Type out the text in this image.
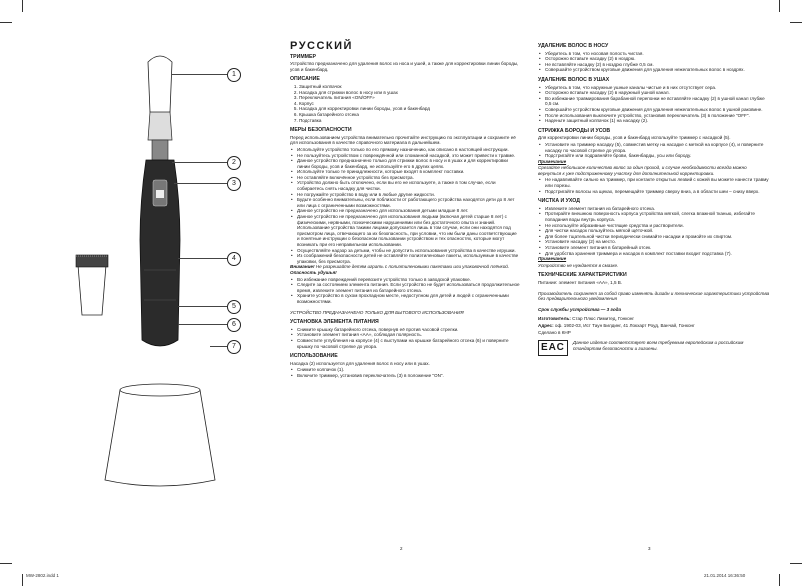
1
2
3
4
5
6
7
РУССКИЙ
ТРИММЕР

Устройство предназначено для удаления волос из носа и ушей, а также для корректировки линии бороды, усов и бакенбард.

ОПИСАНИЕ
1. Защитный колпачок
2. Насадка для стрижки волос в носу или в ушах
3. Переключатель питания «ON/OFF»
4. Корпус
5. Насадка для корректировки линии бороды, усов и бакенбард
6. Крышка батарейного отсека
7. Подставка
МЕРЫ БЕЗОПАСНОСТИ

Перед использованием устройства внимательно прочитайте инструкцию по эксплуатации и сохраните её для использования в качестве справочного материала в дальнейшем.

• Используйте устройство только по его прямому назначению, как описано в настоящей инструкции.
• Не пользуйтесь устройством с повреждённой или сломанной насадкой, это может привести к травме.
• Данное устройство предназначено только для стрижки волос в носу и в ушах и для корректировки линии бороды, усов и бакенбард, не используйте его в других целях.
• Используйте только те принадлежности, которые входят в комплект поставки.
• Не оставляйте включённое устройство без присмотра.
• Устройство должно быть отключено, если вы его не используете, а также в том случае, если собираетесь снять насадку для чистки.
• Не погружайте устройство в воду или в любые другие жидкости.
• Будьте особенно внимательны, если поблизости от работающего устройства находятся дети до 8 лет или лица с ограниченными возможностями.
• Данное устройство не предназначено для использования детьми младше 8 лет.
• Данное устройство не предназначено для использования людьми (включая детей старше 8 лет) с физическими, нервными, психическими нарушениями или без достаточного опыта и знаний. Использование устройства такими лицами допускается лишь в том случае, если они находятся под присмотром лица, отвечающего за их безопасность, при условии, что им были даны соответствующие и понятные инструкции о безопасном пользовании устройством и тех опасностях, которые могут возникать при его неправильном использовании.
• Осуществляйте надзор за детьми, чтобы не допустить использования устройства в качестве игрушки.
• Из соображений безопасности детей не оставляйте полиэтиленовые пакеты, используемые в качестве упаковки, без присмотра.

Внимание! Не разрешайте детям играть с полиэтиленовыми пакетами или упаковочной плёнкой. Опасность удушья!

• Во избежание повреждений перевозите устройство только в заводской упаковке.
• Следите за состоянием элемента питания. Если устройство не будет использоваться продолжительное время, извлеките элемент питания из батарейного отсека.
• Храните устройство в сухом прохладном месте, недоступном для детей и людей с ограниченными возможностями.

УСТРОЙСТВО ПРЕДНАЗНАЧЕНО ТОЛЬКО ДЛЯ БЫТОВОГО ИСПОЛЬЗОВАНИЯ

УСТАНОВКА ЭЛЕМЕНТА ПИТАНИЯ
• Снимите крышку батарейного отсека, повернув её против часовой стрелки.
• Установите элемент питания «AA», соблюдая полярность.
• Совместите углубления на корпусе (4) с выступами на крышке батарейного отсека (6) и поверните крышку по часовой стрелке до упора.
ИСПОЛЬЗОВАНИЕ

Насадка (2) используется для удаления волос в носу или в ушах.

• Снимите колпачок (1).
• Включите триммер, установив переключатель (3) в положение "ON".
2
УДАЛЕНИЕ ВОЛОС В НОСУ
• Убедитесь в том, что носовая полость чистая.
• Осторожно вставьте насадку (2) в ноздрю.
• Не вставляйте насадку (2) в ноздрю глубже 0,5 см.
• Совершайте устройством круговые движения для удаления нежелательных волос в ноздрях.
УДАЛЕНИЕ ВОЛОС В УШАХ
• Убедитесь в том, что наружные ушные каналы чистые и в них отсутствует сера.
• Осторожно вставьте насадку (2) в наружный ушной канал.
• Во избежание травмирования барабанной перепонки не вставляйте насадку (2) в ушной канал глубже 0,5 см.
• Совершайте устройством круговые движения для удаления нежелательных волос в ушной раковине.
• После использования выключите устройство, установив переключатель (3) в положение "OFF".
• Наденьте защитный колпачок (1) на насадку (2).
СТРИЖКА БОРОДЫ И УСОВ

Для корректировки линии бороды, усов и бакенбард используйте триммер с насадкой (5).

• Установите на триммер насадку (5), совместив метку на насадке с меткой на корпусе (4), и поверните насадку по часовой стрелке до упора.
• Подстригайте или подравняйте брови, бакенбарды, усы или бороду.

Примечание

Срезайте небольшое количество волос за один проход, и случае необходимости всегда можно вернуться к уже подстриженному участку для дополнительной корректировки.

• Не надавливайте сильно на триммер, при контакте открытых лезвий с кожей вы можете нанести травму или порезы.
• Подстригайте волосы на щеках, перемещайте триммер сверху вниз, а в области шеи – снизу вверх.
ЧИСТКА И УХОД
• Извлеките элемент питания из батарейного отсека.
• Протирайте внешнюю поверхность корпуса устройства мягкой, слегка влажной тканью, избегайте попадания воды внутрь корпуса.
• Не используйте абразивные чистящие средства и растворители.
• Для чистки насадок пользуйтесь мягкой щёточкой.
• Для более тщательной чистки периодически снимайте насадки и промойте их спиртом.
• Установите насадку (2) на место.
• Установите элемент питания в батарейный отсек.
• Для удобства хранения триммера и насадок в комплект поставки входит подставка (7).

Примечание

Устройство не нуждается в смазке.

ТЕХНИЧЕСКИЕ ХАРАКТЕРИСТИКИ

Питание: элемент питания «AA», 1,5 В.

Производитель сохраняет за собой право изменять дизайн и технические характеристики устройства без предварительного уведомления

Срок службы устройства — 3 года

Изготовитель: Стар Плюс Лимитед, Гонконг

Адрес: оф. 1902-03, Ист Таун Билдинг, 41 Локхарт Роуд, Ванчай, Гонконг

Сделано в КНР

ЕАС	Данное изделие соответствует всем требуемым европейским и российским стандартам безопасности и гигиены.

3
MW-2802.indd 1	21.01.2014 16:36:50
